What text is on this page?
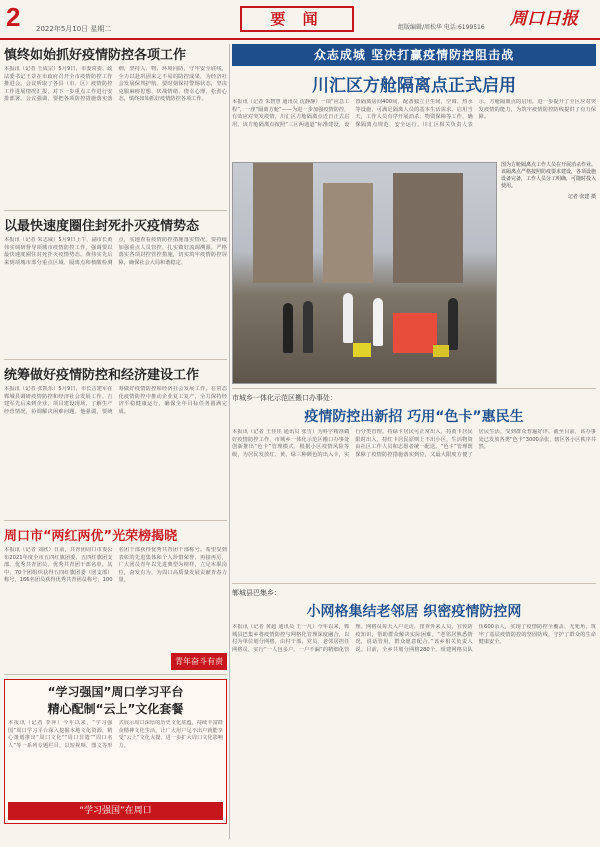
2 2022年5月10日 星期二
要 闻	组版编辑/周松华 电话:6199516 周口日报
慎终如始抓好疫情防控各项工作

本报讯（记者 王成宗）5月9日，市委常委、政法委书记王景在市政府召开全市疫情防控工作推进会。会议听取了各县（市、区）疫情防控工作进展情况汇报，对下一步重点工作进行安排部署。会议强调，要把各项防控措施落实落细，坚持人、物、环境同防，守牢安全底线，全力以赴巩固来之不易的防控成果，为经济社会发展保驾护航。要时刻保持警惕状态，坚决克服麻痹思想、厌战情绪、侥幸心理、松劲心态，慎终如始抓好疫情防控各项工作。

以最快速度圈住封死扑灭疫情势态

本报讯（记者 朱志威）5月9日上午，副市长黄伟实调研督导项城市疫情防控工作，强调要以最快速度圈住封死扑灭疫情势态。黄伟实先后来到项城市部分重点区域、隔离点和核酸检测点，实地查看疫情防控措施落实情况。要持续加强重点人员管控，扎实做好流调溯源，严格落实各项封控管控措施，切实筑牢疫情防控屏障，确保社会大局和谐稳定。

统筹做好疫情防控和经济建设工作

本报讯（记者 张凯乐）5月9日，市长吉建军在郸城县调研疫情防控和经济社会发展工作。吉建军先后来到企业、项目建设现场，了解生产经营情况，协调解决困难问题。他强调，要统筹做好疫情防控和经济社会发展工作，在常态化疫情防控中推动企业复工复产，全力保持经济平稳健康运行，确保全年目标任务圆满完成。

周口市“两红两优”光荣榜揭晓

本报讯（记者 刘欣）日前，共青团周口市委公布2021年度全市五四红旗团委、五四红旗团支部、优秀共青团员、优秀共青团干部名单。其中，70个团组织获得五四红旗团委（团支部）称号，166名团员获得优秀共青团员称号，100名团干部获得优秀共青团干部称号。希望受到表彰的先进集体和个人珍惜荣誉、再接再厉，广大团员青年以先进典型为榜样，立足本职岗位，奋发有为，为周口高质量发展贡献青春力量。

青年奋斗有责
“学习强国”周口学习平台
精心配制“云上”文化套餐

本报讯（记者 李萍）今年以来，“学习强国”周口学习平台深入挖掘本地文化资源，精心策划推出“周口文化”“周口非遗”“周口名人”等一系列专题栏目，以短视频、图文等形式展示周口深厚的历史文化底蕴，持续丰富群众精神文化生活，让广大用户足不出户就能享受“云上”文化大餐，进一步扩大周口文化影响力。

“学习强国”在周口
众志成城 坚决打赢疫情防控阻击战
川汇区方舱隔离点正式启用

本报讯（记者 朱智慧 通讯员 沈静静）一项“应急工程”，一座“隔离方舱”——为进一步加强疫情防控，有效应对突发疫情，川汇区方舱隔离点近日正式启用。该方舱隔离点按照“三区两通道”标准建设，设置隔离房间400间，配备独立卫生间、空调、热水等设施，可满足隔离人员的基本生活需求。启用当天，工作人员有序开展消杀、物资保障等工作，确保隔离点规范、安全运行。川汇区相关负责人表示，方舱隔离点的启用，进一步提升了全区应对突发疫情的能力，为筑牢疫情防控防线提供了有力保障。

图为方舱隔离点工作人员在开展消杀作业。该隔离点严格按照防疫要求建设，各项设施设备完备，工作人员分工明确，可随时投入使用。

记者 张建 摄

市城乡一体化示范区搬口办事处：
疫情防控出新招 巧用“色卡”惠民生

本报讯（记者 王佳佳 通讯员 张雪）为科学精准做好疫情防控工作，市城乡一体化示范区搬口办事处创新推出“色卡”管理模式，根据小区疫情风险等级，为居民发放红、黄、绿三种颜色的出入卡，实行分类管理。持绿卡居民可正常出入，持黄卡居民限时出入，持红卡居民原则上不出小区，生活物资由社区工作人员和志愿者统一配送。“色卡”管理既保障了疫情防控措施落实到位，又最大限度方便了居民生活，受到群众普遍好评。截至目前，该办事处已发放各类“色卡”3000余张，辖区各小区秩序井然。

郸城县巴集乡：
小网格集结老邻居 织密疫情防控网

本报讯（记者 黄超 通讯员 王一凡）今年以来，郸城县巴集乡将疫情防控与网格化管理深度融合，以村为单位划分网格，由村干部、党员、老邻居担任网格员，实行“一人包多户、一户不漏”的精细化管理。网格员每天入户走访，排查外来人员，宣传防疫知识，帮助群众解决实际困难。“老邻居熟悉情况，说话管用，群众愿意配合。”该乡相关负责人说。目前，全乡共划分网格280个，组建网格员队伍600余人，实现了疫情防控全覆盖、无死角，筑牢了基层疫情防控的坚固防线，守护了群众的生命健康安全。
